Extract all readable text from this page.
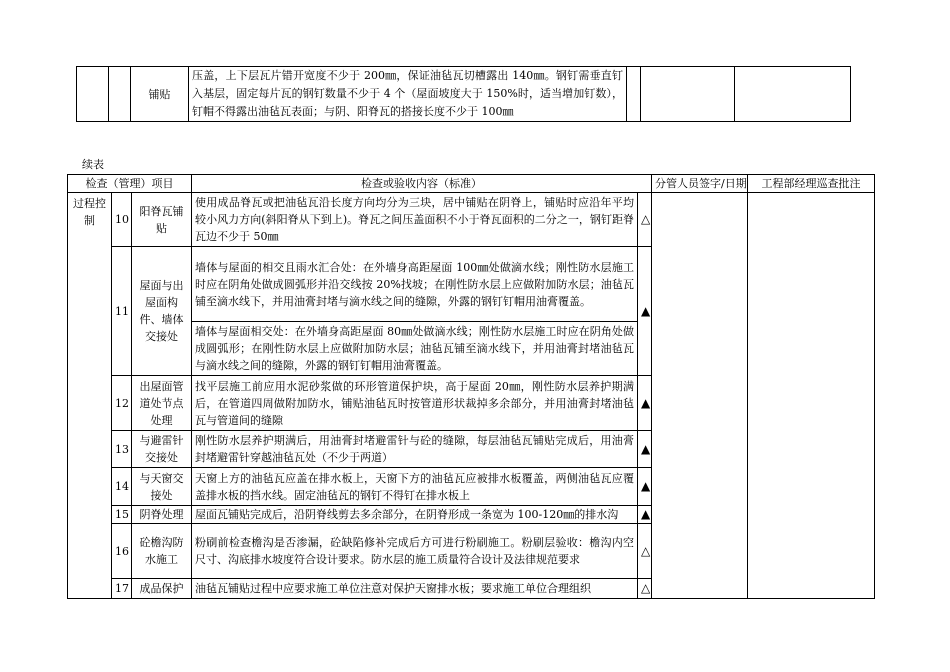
		铺贴	压盖，上下层瓦片错开宽度不少于 200㎜，保证油毡瓦切槽露出 140㎜。钢钉需垂直钉入基层，固定每片瓦的钢钉数量不少于 4 个（屋面坡度大于 150%时，适当增加钉数），钉帽不得露出油毡瓦表面；与阴、阳脊瓦的搭接长度不少于 100㎜			
续表
检查（管理）项目			检查或验收内容（标准）		分管人员签字/日期	工程部经理巡查批注
过程控制	10	阳脊瓦铺贴	使用成品脊瓦或把油毡瓦沿长度方向均分为三块，居中铺贴在阴脊上，铺贴时应沿年平均较小风力方向(斜阳脊从下到上)。脊瓦之间压盖面积不小于脊瓦面积的二分之一，钢钉距脊瓦边不少于 50㎜	△		
	11	屋面与出屋面构件、墙体交接处	墙体与屋面的相交且雨水汇合处：在外墙身高距屋面 100㎜处做滴水线；刚性防水层施工时应在阴角处做成圆弧形并沿交线按 20%找坡；在刚性防水层上应做附加防水层；油毡瓦铺至滴水线下，并用油膏封堵与滴水线之间的缝隙，外露的钢钉钉帽用油膏覆盖。	▲		
			墙体与屋面相交处：在外墙身高距屋面 80㎜处做滴水线；刚性防水层施工时应在阴角处做成圆弧形；在刚性防水层上应做附加防水层；油毡瓦铺至滴水线下，并用油膏封堵油毡瓦与滴水线之间的缝隙，外露的钢钉钉帽用油膏覆盖。			
	12	出屋面管道处节点处理	找平层施工前应用水泥砂浆做的环形管道保护块，高于屋面 20㎜，刚性防水层养护期满后，在管道四周做附加防水，铺贴油毡瓦时按管道形状裁掉多余部分，并用油膏封堵油毡瓦与管道间的缝隙	▲		
	13	与避雷针交接处	刚性防水层养护期满后，用油膏封堵避雷针与砼的缝隙，每层油毡瓦铺贴完成后，用油膏封堵避雷针穿越油毡瓦处（不少于两道）	▲		
	14	与天窗交接处	天窗上方的油毡瓦应盖在排水板上，天窗下方的油毡瓦应被排水板覆盖，两侧油毡瓦应覆盖排水板的挡水线。固定油毡瓦的钢钉不得钉在排水板上	▲		
	15	阴脊处理	屋面瓦铺贴完成后，沿阴脊线剪去多余部分，在阴脊形成一条宽为 100-120㎜的排水沟	▲		
	16	砼檐沟防水施工	粉刷前检查檐沟是否渗漏，砼缺陷修补完成后方可进行粉刷施工。粉刷层验收：檐沟内空尺寸、沟底排水坡度符合设计要求。防水层的施工质量符合设计及法律规范要求	△		
	17	成品保护	油毡瓦铺贴过程中应要求施工单位注意对保护天窗排水板；要求施工单位合理组织	△		
